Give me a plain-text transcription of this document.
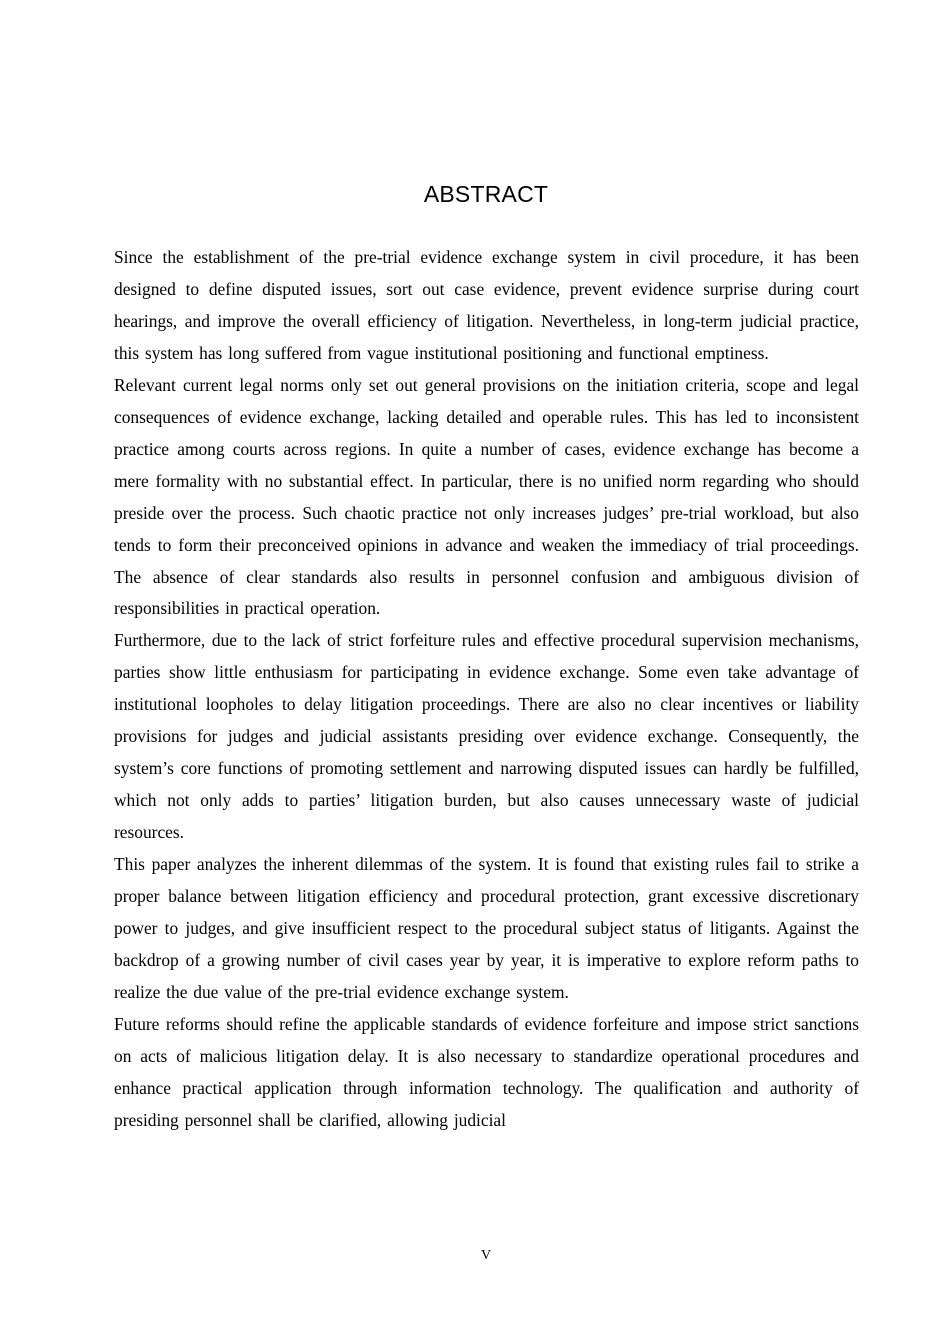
ABSTRACT

Since the establishment of the pre-trial evidence exchange system in civil procedure, it has been designed to define disputed issues, sort out case evidence, prevent evidence surprise during court hearings, and improve the overall efficiency of litigation. Nevertheless, in long-term judicial practice, this system has long suffered from vague institutional positioning and functional emptiness.

Relevant current legal norms only set out general provisions on the initiation criteria, scope and legal consequences of evidence exchange, lacking detailed and operable rules. This has led to inconsistent practice among courts across regions. In quite a number of cases, evidence exchange has become a mere formality with no substantial effect. In particular, there is no unified norm regarding who should preside over the process. Such chaotic practice not only increases judges’ pre-trial workload, but also tends to form their preconceived opinions in advance and weaken the immediacy of trial proceedings. The absence of clear standards also results in personnel confusion and ambiguous division of responsibilities in practical operation.

Furthermore, due to the lack of strict forfeiture rules and effective procedural supervision mechanisms, parties show little enthusiasm for participating in evidence exchange. Some even take advantage of institutional loopholes to delay litigation proceedings. There are also no clear incentives or liability provisions for judges and judicial assistants presiding over evidence exchange. Consequently, the system’s core functions of promoting settlement and narrowing disputed issues can hardly be fulfilled, which not only adds to parties’ litigation burden, but also causes unnecessary waste of judicial resources.

This paper analyzes the inherent dilemmas of the system. It is found that existing rules fail to strike a proper balance between litigation efficiency and procedural protection, grant excessive discretionary power to judges, and give insufficient respect to the procedural subject status of litigants. Against the backdrop of a growing number of civil cases year by year, it is imperative to explore reform paths to realize the due value of the pre-trial evidence exchange system.

Future reforms should refine the applicable standards of evidence forfeiture and impose strict sanctions on acts of malicious litigation delay. It is also necessary to standardize operational procedures and enhance practical application through information technology. The qualification and authority of presiding personnel shall be clarified, allowing judicial

V
